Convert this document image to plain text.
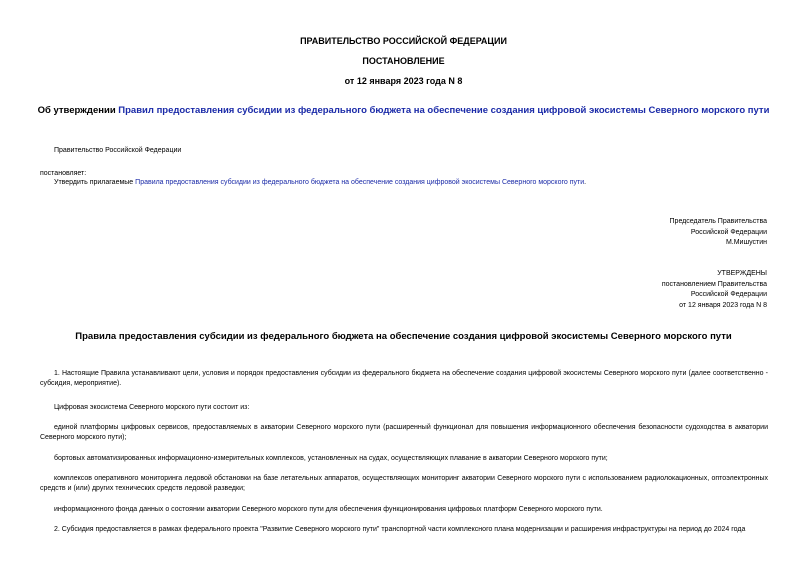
ПРАВИТЕЛЬСТВО РОССИЙСКОЙ ФЕДЕРАЦИИ
ПОСТАНОВЛЕНИЕ
от 12 января 2023 года N 8
Об утверждении Правил предоставления субсидии из федерального бюджета на обеспечение создания цифровой экосистемы Северного морского пути
Правительство Российской Федерации
постановляет:
Утвердить прилагаемые Правила предоставления субсидии из федерального бюджета на обеспечение создания цифровой экосистемы Северного морского пути.
Председатель Правительства
Российской Федерации
М.Мишустин
УТВЕРЖДЕНЫ
постановлением Правительства
Российской Федерации
от 12 января 2023 года N 8
Правила предоставления субсидии из федерального бюджета на обеспечение создания цифровой экосистемы Северного морского пути
1. Настоящие Правила устанавливают цели, условия и порядок предоставления субсидии из федерального бюджета на обеспечение создания цифровой экосистемы Северного морского пути (далее соответственно - субсидия, мероприятие).
Цифровая экосистема Северного морского пути состоит из:
единой платформы цифровых сервисов, предоставляемых в акватории Северного морского пути (расширенный функционал для повышения информационного обеспечения безопасности судоходства в акватории Северного морского пути);
бортовых автоматизированных информационно-измерительных комплексов, установленных на судах, осуществляющих плавание в акватории Северного морского пути;
комплексов оперативного мониторинга ледовой обстановки на базе летательных аппаратов, осуществляющих мониторинг акватории Северного морского пути с использованием радиолокационных, оптоэлектронных средств и (или) других технических средств ледовой разведки;
информационного фонда данных о состоянии акватории Северного морского пути для обеспечения функционирования цифровых платформ Северного морского пути.
2. Субсидия предоставляется в рамках федерального проекта "Развитие Северного морского пути" транспортной части комплексного плана модернизации и расширения инфраструктуры на период до 2024 года
